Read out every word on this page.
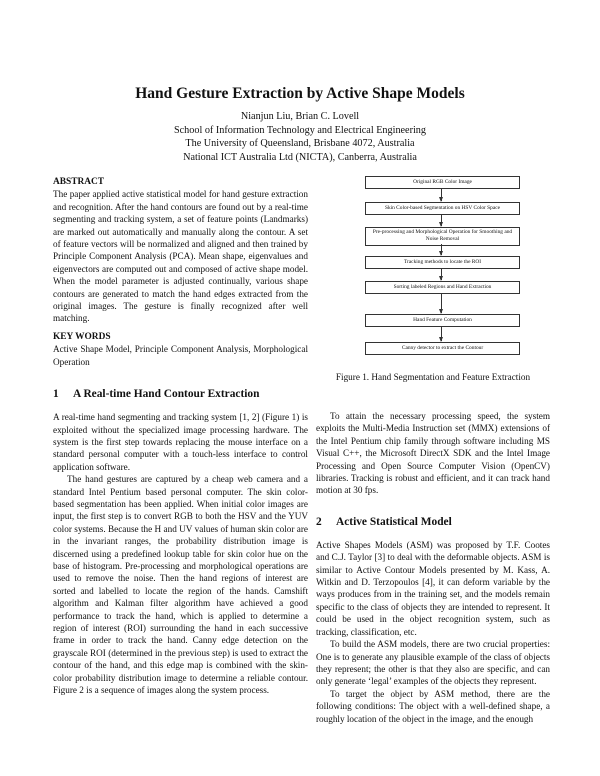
Hand Gesture Extraction by Active Shape Models
Nianjun Liu, Brian C. Lovell
School of Information Technology and Electrical Engineering
The University of Queensland, Brisbane 4072, Australia
National ICT Australia Ltd (NICTA), Canberra, Australia
ABSTRACT

The paper applied active statistical model for hand gesture extraction and recognition. After the hand contours are found out by a real-time segmenting and tracking system, a set of feature points (Landmarks) are marked out automatically and manually along the contour. A set of feature vectors will be normalized and aligned and then trained by Principle Component Analysis (PCA). Mean shape, eigenvalues and eigenvectors are computed out and composed of active shape model. When the model parameter is adjusted continually, various shape contours are generated to match the hand edges extracted from the original images. The gesture is finally recognized after well matching.

KEY WORDS

Active Shape Model, Principle Component Analysis, Morphological Operation

1 A Real-time Hand Contour Extraction

A real-time hand segmenting and tracking system [1, 2] (Figure 1) is exploited without the specialized image processing hardware. The system is the first step towards replacing the mouse interface on a standard personal computer with a touch-less interface to control application software.

The hand gestures are captured by a cheap web camera and a standard Intel Pentium based personal computer. The skin color-based segmentation has been applied. When initial color images are input, the first step is to convert RGB to both the HSV and the YUV color systems. Because the H and UV values of human skin color are in the invariant ranges, the probability distribution image is discerned using a predefined lookup table for skin color hue on the base of histogram. Pre-processing and morphological operations are used to remove the noise. Then the hand regions of interest are sorted and labelled to locate the region of the hands. Camshift algorithm and Kalman filter algorithm have achieved a good performance to track the hand, which is applied to determine a region of interest (ROI) surrounding the hand in each successive frame in order to track the hand. Canny edge detection on the grayscale ROI (determined in the previous step) is used to extract the contour of the hand, and this edge map is combined with the skin-color probability distribution image to determine a reliable contour. Figure 2 is a sequence of images along the system process.

Original RGB Color Image
Skin Color-based Segmentation on HSV Color Space
Pre-processing and Morphological Operation for Smoothing and Noise Removal
Tracking methods to locate the ROI
Sorting labeled Regions and Hand Extraction
Hand Feature Computation
Canny detector to extract the Contour
Figure 1. Hand Segmentation and Feature Extraction

To attain the necessary processing speed, the system exploits the Multi-Media Instruction set (MMX) extensions of the Intel Pentium chip family through software including MS Visual C++, the Microsoft DirectX SDK and the Intel Image Processing and Open Source Computer Vision (OpenCV) libraries. Tracking is robust and efficient, and it can track hand motion at 30 fps.

2 Active Statistical Model

Active Shapes Models (ASM) was proposed by T.F. Cootes and C.J. Taylor [3] to deal with the deformable objects. ASM is similar to Active Contour Models presented by M. Kass, A. Witkin and D. Terzopoulos [4], it can deform variable by the ways produces from in the training set, and the models remain specific to the class of objects they are intended to represent. It could be used in the object recognition system, such as tracking, classification, etc.

To build the ASM models, there are two crucial properties: One is to generate any plausible example of the class of objects they represent; the other is that they also are specific, and can only generate ‘legal’ examples of the objects they represent.

To target the object by ASM method, there are the following conditions: The object with a well-defined shape, a roughly location of the object in the image, and the enough
